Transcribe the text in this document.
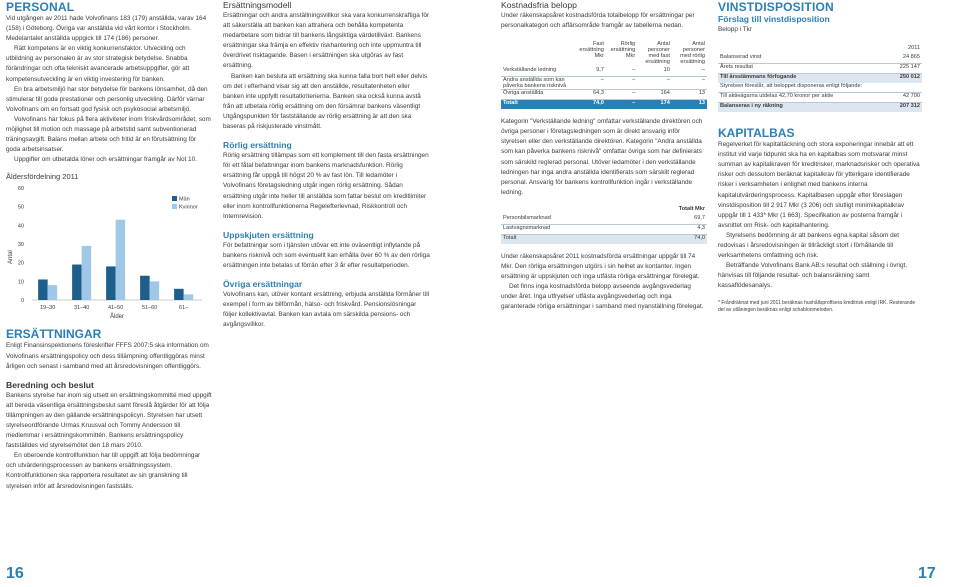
PERSONAL

Vid utgången av 2011 hade Volvofinans 183 (179) anställda, varav 164 (158) i Göteborg. Övriga var anställda vid vårt kontor i Stockholm. Medelantalet anställda uppgick till 174 (186) personer.

Rätt kompetens är en viktig konkurrensfaktor. Utveckling och utbildning av personalen är av stor strategisk betydelse. Snabba förändringar och ofta tekniskt avancerade arbetsuppgifter, gör att kompetensutveckling är en viktig investering för banken.

En bra arbetsmiljö har stor betydelse för bankens lönsamhet, då den stimulerar till goda prestationer och personlig utveckling. Därför värnar Volvofinans om en fortsatt god fysisk och psykosocial arbetsmiljö.

Volvofinans har fokus på flera aktiviteter inom friskvårdsområdet, som möjlighet till motion och massage på arbetstid samt subventionerad träningsavgift. Balans mellan arbete och fritid är en förutsättning för goda arbetsinsatser.

Uppgifter om utbetalda löner och ersättningar framgår av Not 10.

Åldersfördelning 2011
0
10
20
30
40
50
60
Antal
19–30	31–40	41–50	51–60	61–
Ålder
Män
Kvinnor
ERSÄTTNINGAR

Enligt Finansinspektionens föreskrifter FFFS 2007:5 ska information om Volvofinans ersättningspolicy och dess tillämpning offentliggöras minst årligen och senast i samband med att årsredovisningen offentliggörs.

Beredning och beslut

Bankens styrelse har inom sig utsett en ersättningskommitté med uppgift att bereda väsentliga ersättningsbeslut samt föreslå åtgärder för att följa tillämpningen av den gällande ersättningspolicyn. Styrelsen har utsett styrelseordförande Urmas Kruusval och Tommy Andersson till medlemmar i ersättningskommittén. Bankens ersättningspolicy fastställdes vid styrelsemötet den 18 mars 2010.

En oberoende kontrollfunktion har till uppgift att följa bedömningar och utvärderingsprocessen av bankens ersättningssystem. Kontrollfunktionen ska rapportera resultatet av sin granskning till styrelsen inför att årsredovisningen fastställs.

16
Ersättningsmodell

Ersättningar och andra anställningsvillkor ska vara konkurrenskraftiga för att säkerställa att banken kan attrahera och behålla kompetenta medarbetare som bidrar till bankens långsiktiga värdetillväxt. Bankens ersättningar ska främja en effektiv riskhantering och inte uppmuntra till överdrivet risktagande. Basen i ersättningen ska utgöras av fast ersättning.

Banken kan besluta att ersättning ska kunna falla bort helt eller delvis om det i efterhand visar sig att den anställde, resultatenheten eller banken inte uppfyllt resultatkriterierna. Banken ska också kunna avstå från att utbetala rörlig ersättning om den försämrar bankens väsentligt Utgångspunkten för fastställande av rörlig ersättning är att den ska baseras på riskjusterade vinstmått.

Rörlig ersättning

Rörlig ersättning tillämpas som ett komplement till den fasta ersättningen för ett fåtal befattningar inom bankens marknadsfunktion. Rörlig ersättning får uppgå till högst 20 % av fast lön. Till ledamöter i Volvofinans företagsledning utgår ingen rörlig ersättning. Sådan ersättning utgår inte heller till anställda som fattar beslut om kreditlimiter eller inom kontrollfunktionerna Regelefterlevnad, Riskkontroll och Internrevision.

Uppskjuten ersättning

För befattningar som i tjänsten utövar ett inte oväsentligt inflytande på bankens risknivå och som eventuellt kan erhålla över 60 % av den rörliga ersättningen inte betalas ut förrän efter 3 år efter resultatperioden.

Övriga ersättningar

Volvofinans kan, utöver kontant ersättning, erbjuda anställda förmåner till exempel i form av bilförmån, hälso- och friskvård. Pensionslösningar följer kollektivavtal. Banken kan avtala om särskilda pensions- och avgångsvillkor.

Kostnadsfria belopp

Under räkenskapsåret kostnadsförda totalbelopp för ersättningar per personalkategori och affärsområde framgår av tabellerna nedan.

	Fast ersättning Mkr	Rörlig ersättning Mkr	Antal personer med fast ersättning	Antal personer med rörlig ersättning
Verkställande ledning	9,7	–	10	–
Andra anställda som kan påverka bankens risknivå	–	–	–	–
Övriga anställda	64,3	–	164	13
Totalt	74,0	–	174	13

Kategorin "Verkställande ledning" omfattar verkställande direktören och övriga personer i företagsledningen som är direkt ansvarig inför styrelsen eller den verkställande direktören. Kategorin "Andra anställda som kan påverka bankens risknivå" omfattar övriga som har definierats som särskild reglerad personal. Utöver ledamöter i den verkställande ledningen har inga andra anställda identifierats som särskilt reglerad personal. Ansvarig för bankens kontrollfunktion ingår i verkställande ledning.

	Totalt Mkr
Personbilsmarknad	69,7
Lastvagnsmarknad	4,3
Totalt	74,0

Under räkenskapsåret 2011 kostnadsförda ersättningar uppgår till 74 Mkr. Den rörliga ersättningen utgörs i sin helhet av kontanter. Ingen ersättning är uppskjuten och inga utfästa rörliga ersättningar förelegat.

Det finns inga kostnadsförda belopp avseende avgångsvederlag under året. Inga utfryelser utfästa avgångsvederlag och inga garanterade rörliga ersättningar i samband med nyanställning förelegat.

17
VINSTDISPOSITION
Förslag till vinstdisposition
Belopp i Tkr
	2011
Balanserad vinst	24 865
Årets resultat	225 147
Till årsstämmans förfogande	250 012
Styrelsen föreslår, att beloppet disponeras enligt följande:	
Till aktieägarna utdelas 42,70 kronor per aktie	42 700
Balanseras i ny räkning	207 312
KAPITALBAS

Regelverket för kapitaltäckning och stora exponeringar innebär att ett institut vid varje tidpunkt ska ha en kapitalbas som motsvarar minst summan av kapitalkraven för kreditrisker, marknadsrisker och operativa risker och dessutom beräknat kapitalkrav för ytterligare identifierade risker i verksamheten i enlighet med bankens interna kapitalutvärderingsprocess. Kapitalbasen uppgår efter föreslagen vinstdisposition till 2 917 Mkr (3 206) och slutligt minimikapitalkrav uppgår till 1 433* Mkr (1 663). Specifikation av posterna framgår i avsnittet om Risk- och kapitalhantering.

Styrelsens bedömning är att bankens egna kapital såsom det redovisas i årsredovisningen är tillräckligt stort i förhållande till verksamhetens omfattning och risk.

Beträffande Volvofinans Bank AB:s resultat och ställning i övrigt, hänvisas till följande resultat- och balansräkning samt kassaflödesanalys.

* Fråndräknat med juni 2011 beräknas hushållsproffsera kreditrisk enligt IRK. Resterande del av utlåningen beräknas enligt schablonmetoden.
